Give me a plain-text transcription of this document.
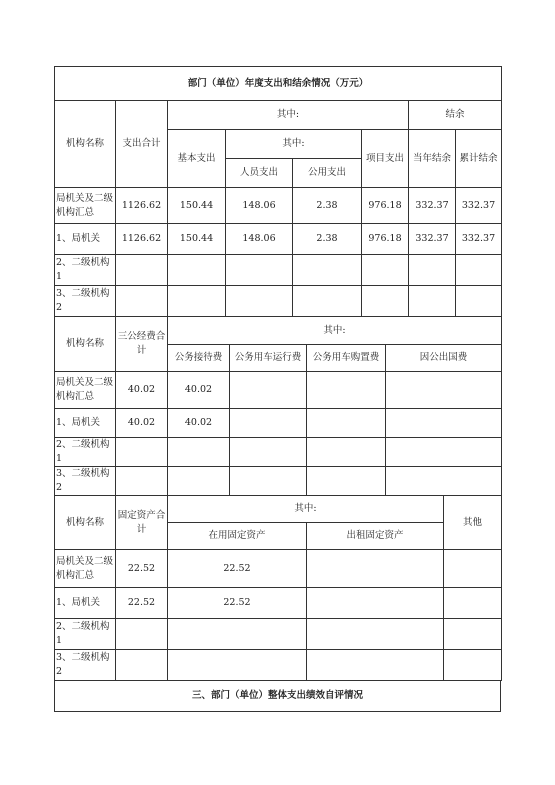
部门（单位）年度支出和结余情况（万元）							
机构名称	支出合计	其中:				结余	
		基本支出	其中:		项目支出	当年结余	累计结余
			人员支出	公用支出			
局机关及二级机构汇总	1126.62	150.44	148.06	2.38	976.18	332.37	332.37
1、局机关	1126.62	150.44	148.06	2.38	976.18	332.37	332.37
2、二级机构 1							
3、二级机构 2							
机构名称	三公经费合计	其中:			
		公务接待费	公务用车运行费	公务用车购置费	因公出国费
局机关及二级机构汇总	40.02	40.02			
1、局机关	40.02	40.02			
2、二级机构 1					
3、二级机构 2					
机构名称	固定资产合计	其中:		其他
		在用固定资产	出租固定资产	
局机关及二级机构汇总	22.52	22.52		
1、局机关	22.52	22.52		
2、二级机构 1				
3、二级机构 2				
三、部门（单位）整体支出绩效自评情况
